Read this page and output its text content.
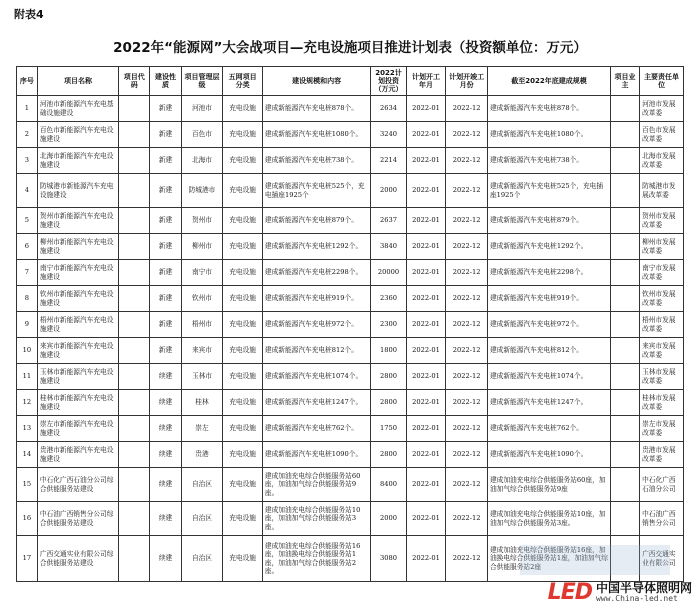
附表4
2022年“能源网”大会战项目—充电设施项目推进计划表（投资额单位：万元）
序号	项目名称	项目代码	建设性质	项目管理层级	五网项目分类	建设规模和内容	2022计划投资（万元）	计划开工年月	计划开竣工月份	截至2022年底建成规模	项目业主	主要责任单位
1	河池市新能源汽车充电基础设施建设		新建	河池市	充电设施	建成新能源汽车充电桩878个。	2634	2022-01	2022-12	建成新能源汽车充电桩878个。		河池市发展改革委
2	百色市新能源汽车充电设施建设		新建	百色市	充电设施	建成新能源汽车充电桩1080个。	3240	2022-01	2022-12	建成新能源汽车充电桩1080个。		百色市发展改革委
3	北海市新能源汽车充电设施建设		新建	北海市	充电设施	建成新能源汽车充电桩738个。	2214	2022-01	2022-12	建成新能源汽车充电桩738个。		北海市发展改革委
4	防城港市新能源汽车充电设施建设		新建	防城港市	充电设施	建成新能源汽车充电桩525个，充电插座1925个	2000	2022-01	2022-12	建成新能源汽车充电桩525个，充电插座1925个		防城港市发展改革委
5	贺州市新能源汽车充电设施建设		新建	贺州市	充电设施	建成新能源汽车充电桩879个。	2637	2022-01	2022-12	建成新能源汽车充电桩879个。		贺州市发展改革委
6	柳州市新能源汽车充电设施建设		新建	柳州市	充电设施	建成新能源汽车充电桩1292个。	3840	2022-01	2022-12	建成新能源汽车充电桩1292个。		柳州市发展改革委
7	南宁市新能源汽车充电设施建设		新建	南宁市	充电设施	建成新能源汽车充电桩2298个。	20000	2022-01	2022-12	建成新能源汽车充电桩2298个。		南宁市发展改革委
8	钦州市新能源汽车充电设施建设		新建	钦州市	充电设施	建成新能源汽车充电桩919个。	2360	2022-01	2022-12	建成新能源汽车充电桩919个。		钦州市发展改革委
9	梧州市新能源汽车充电设施建设		新建	梧州市	充电设施	建成新能源汽车充电桩972个。	2300	2022-01	2022-12	建成新能源汽车充电桩972个。		梧州市发展改革委
10	来宾市新能源汽车充电设施建设		新建	来宾市	充电设施	建成新能源汽车充电桩812个。	1800	2022-01	2022-12	建成新能源汽车充电桩812个。		来宾市发展改革委
11	玉林市新能源汽车充电设施建设		续建	玉林市	充电设施	建成新能源汽车充电桩1074个。	2800	2022-01	2022-12	建成新能源汽车充电桩1074个。		玉林市发展改革委
12	桂林市新能源汽车充电设施建设		续建	桂林	充电设施	建成新能源汽车充电桩1247个。	2800	2022-01	2022-12	建成新能源汽车充电桩1247个。		桂林市发展改革委
13	崇左市新能源汽车充电设施建设		续建	崇左	充电设施	建成新能源汽车充电桩762个。	1750	2022-01	2022-12	建成新能源汽车充电桩762个。		崇左市发展改革委
14	贵港市新能源汽车充电设施建设		续建	贵港	充电设施	建成新能源汽车充电桩1090个。	2800	2022-01	2022-12	建成新能源汽车充电桩1090个。		贵港市发展改革委
15	中石化广西石油分公司综合供能服务站建设		续建	自治区	充电设施	建成加油充电综合供能服务站60座，加油加气综合供能服务站9座。	8400	2022-01	2022-12	建成加油充电综合供能服务站60座，加油加气综合供能服务站9座		中石化广西石油分公司
16	中石油广西销售分公司综合供能服务站建设		续建	自治区	充电设施	建成加油充电综合供能服务站10座，加油加气综合供能服务站3座。	2000	2022-01	2022-12	建成加油充电综合供能服务站10座，加油加气综合供能服务站3座。		中石油广西销售分公司
17	广西交通实业有限公司综合供能服务站建设		续建	自治区	充电设施	建成加油充电综合供能服务站16座，加油换电综合供能服务站1座，加油加气综合供能服务站2座。	3080	2022-01	2022-12	建成加油充电综合供能服务站16座，加油换电综合供能服务站1座，加油加气综合供能服务站2座		广西交通实业有限公司
LED 中国半导体照明网
www.China-led.net
